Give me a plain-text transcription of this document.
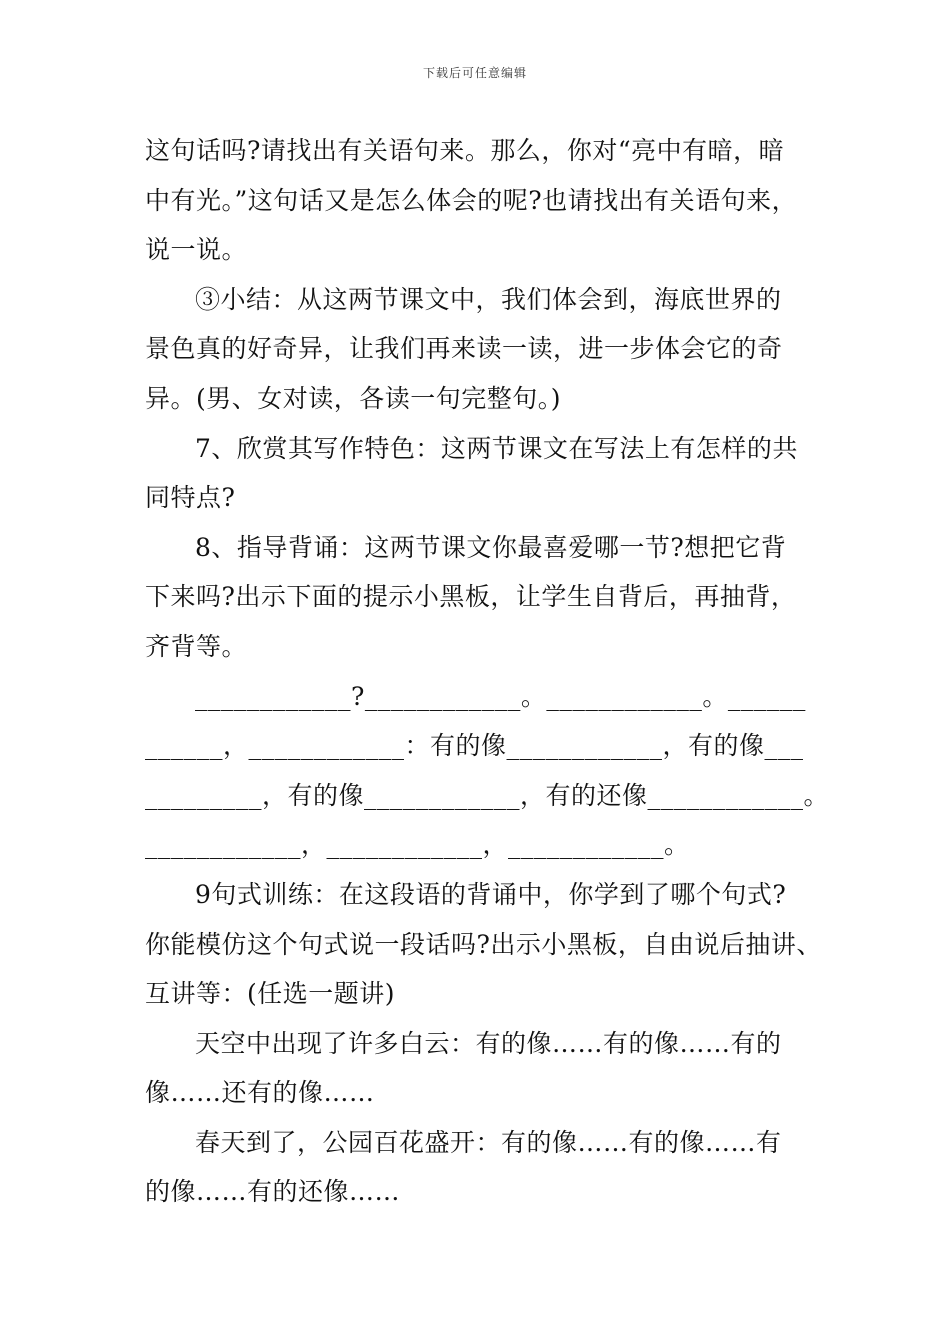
下载后可任意编辑
这句话吗?请找出有关语句来。那么，你对“亮中有暗，暗
中有光。”这句话又是怎么体会的呢?也请找出有关语句来，
说一说。
③小结：从这两节课文中，我们体会到，海底世界的
景色真的好奇异，让我们再来读一读，进一步体会它的奇
异。(男、女对读，各读一句完整句。)
7、欣赏其写作特色：这两节课文在写法上有怎样的共
同特点?
8、指导背诵：这两节课文你最喜爱哪一节?想把它背
下来吗?出示下面的提示小黑板，让学生自背后，再抽背，
齐背等。
____________?____________。____________。______
______，____________：有的像____________，有的像___
_________，有的像____________，有的还像____________。
____________，____________，____________。
9句式训练：在这段语的背诵中，你学到了哪个句式?
你能模仿这个句式说一段话吗?出示小黑板，自由说后抽讲、
互讲等：(任选一题讲)
天空中出现了许多白云：有的像……有的像……有的
像……还有的像……
春天到了，公园百花盛开：有的像……有的像……有
的像……有的还像……
